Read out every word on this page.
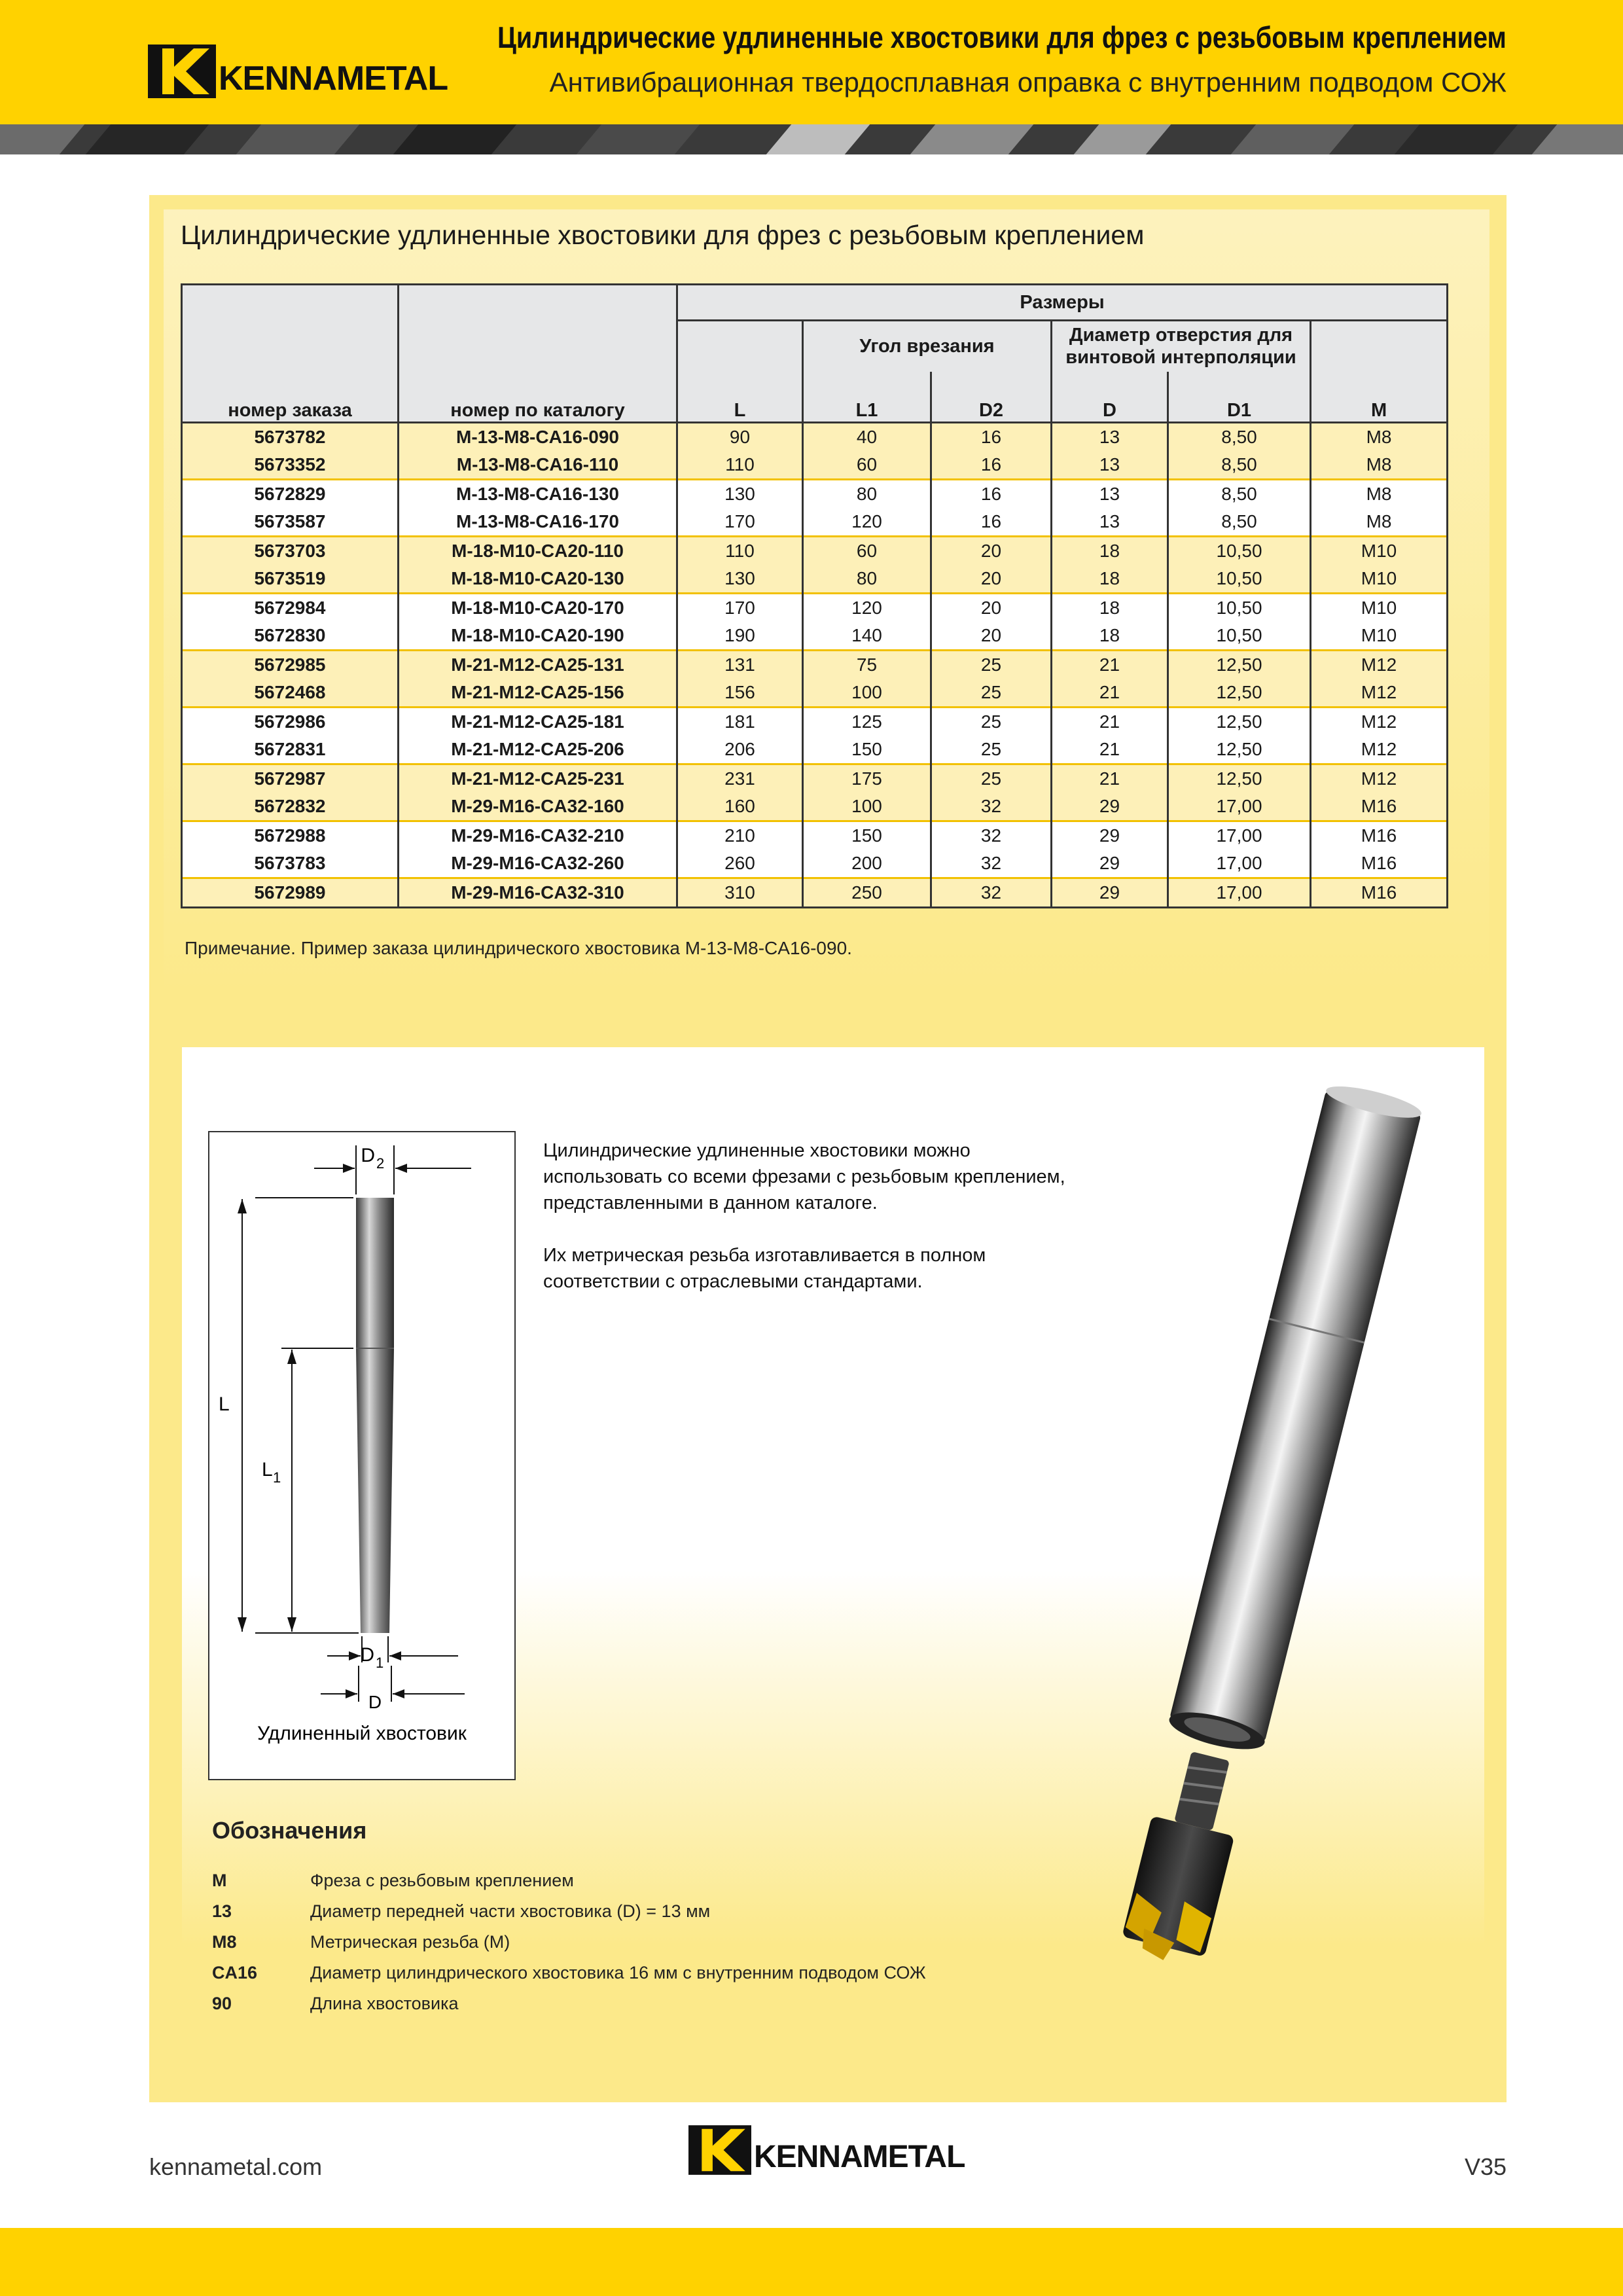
KENNAMETAL
Цилиндрические удлиненные хвостовики для фрез с резьбовым креплением
Антивибрационная твердосплавная оправка с внутренним подводом СОЖ
Цилиндрические удлиненные хвостовики для фрез с резьбовым креплением
номер заказа	номер по каталогу	Размеры					
		L	Угол врезания		Диаметр отверстия для винтовой интерполяции		M
			L1	D2	D	D1	
5673782	M-13-M8-CA16-090	90	40	16	13	8,50	M8
5673352	M-13-M8-CA16-110	110	60	16	13	8,50	M8
5672829	M-13-M8-CA16-130	130	80	16	13	8,50	M8
5673587	M-13-M8-CA16-170	170	120	16	13	8,50	M8
5673703	M-18-M10-CA20-110	110	60	20	18	10,50	M10
5673519	M-18-M10-CA20-130	130	80	20	18	10,50	M10
5672984	M-18-M10-CA20-170	170	120	20	18	10,50	M10
5672830	M-18-M10-CA20-190	190	140	20	18	10,50	M10
5672985	M-21-M12-CA25-131	131	75	25	21	12,50	M12
5672468	M-21-M12-CA25-156	156	100	25	21	12,50	M12
5672986	M-21-M12-CA25-181	181	125	25	21	12,50	M12
5672831	M-21-M12-CA25-206	206	150	25	21	12,50	M12
5672987	M-21-M12-CA25-231	231	175	25	21	12,50	M12
5672832	M-29-M16-CA32-160	160	100	32	29	17,00	M16
5672988	M-29-M16-CA32-210	210	150	32	29	17,00	M16
5673783	M-29-M16-CA32-260	260	200	32	29	17,00	M16
5672989	M-29-M16-CA32-310	310	250	32	29	17,00	M16
Примечание. Пример заказа цилиндрического хвостовика M-13-M8-CA16-090.
D 2
L
L 1
D 1
D
Удлиненный хвостовик

Цилиндрические удлиненные хвостовики можно использовать со всеми фрезами с резьбовым креплением, представленными в данном каталоге.

Их метрическая резьба изготавливается в полном соответствии с отраслевыми стандартами.

Обозначения
M	Фреза с резьбовым креплением
13	Диаметр передней части хвостовика (D) = 13 мм
M8	Метрическая резьба (M)
CA16	Диаметр цилиндрического хвостовика 16 мм с внутренним подводом СОЖ
90	Длина хвостовика
kennametal.com	KENNAMETAL	V35
